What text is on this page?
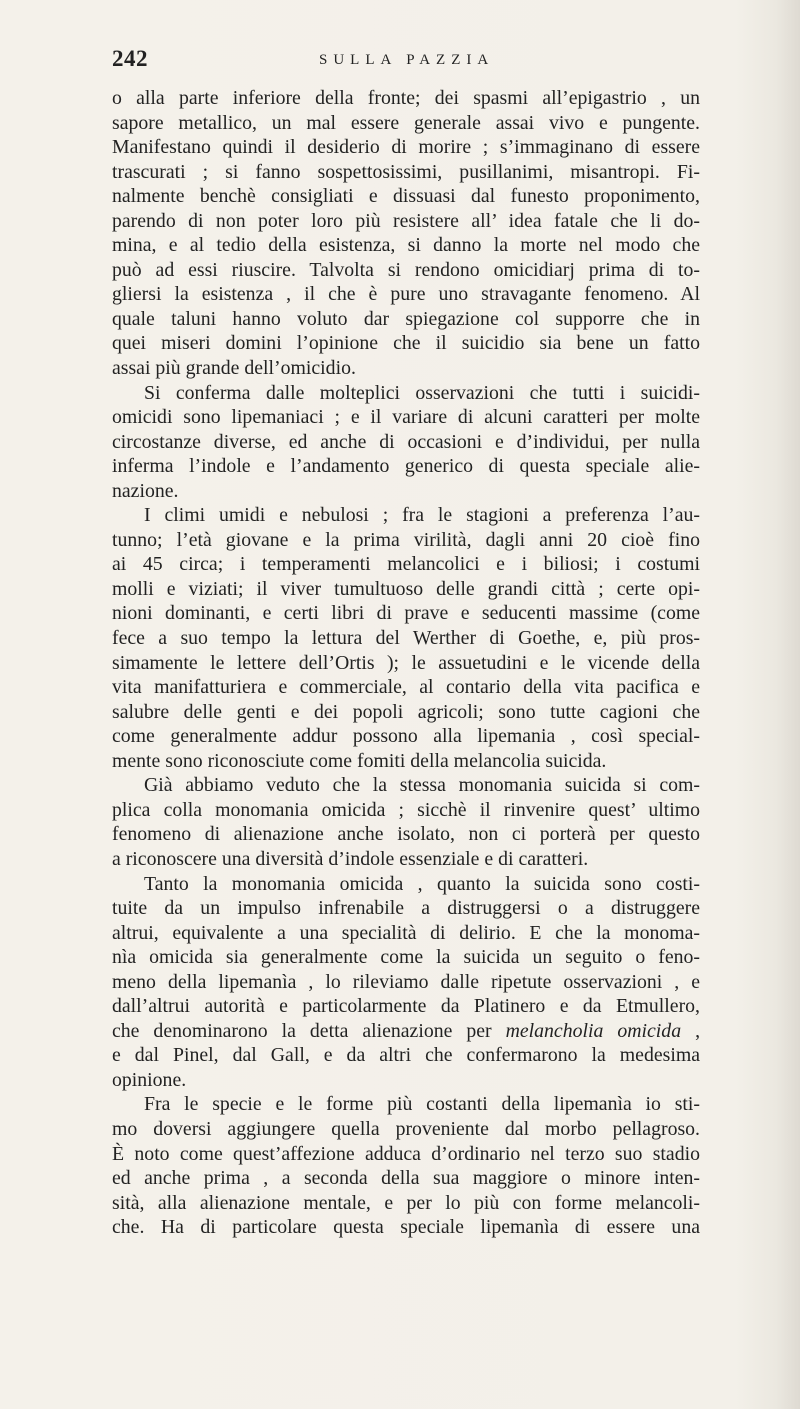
242	SULLA PAZZIA
o alla parte inferiore della fronte; dei spasmi all’epigastrio , un
sapore metallico, un mal essere generale assai vivo e pungente.
Manifestano quindi il desiderio di morire ; s’immaginano di essere
trascurati ; si fanno sospettosissimi, pusillanimi, misantropi. Fi-
nalmente benchè consigliati e dissuasi dal funesto proponimento,
parendo di non poter loro più resistere all’ idea fatale che li do-
mina, e al tedio della esistenza, si danno la morte nel modo che
può ad essi riuscire. Talvolta si rendono omicidiarj prima di to-
gliersi la esistenza , il che è pure uno stravagante fenomeno. Al
quale taluni hanno voluto dar spiegazione col supporre che in
quei miseri domini l’opinione che il suicidio sia bene un fatto
assai più grande dell’omicidio.
Si conferma dalle molteplici osservazioni che tutti i suicidi-
omicidi sono lipemaniaci ; e il variare di alcuni caratteri per molte
circostanze diverse, ed anche di occasioni e d’individui, per nulla
inferma l’indole e l’andamento generico di questa speciale alie-
nazione.
I climi umidi e nebulosi ; fra le stagioni a preferenza l’au-
tunno; l’età giovane e la prima virilità, dagli anni 20 cioè fino
ai 45 circa; i temperamenti melancolici e i biliosi; i costumi
molli e viziati; il viver tumultuoso delle grandi città ; certe opi-
nioni dominanti, e certi libri di prave e seducenti massime (come
fece a suo tempo la lettura del Werther di Goethe, e, più pros-
simamente le lettere dell’Ortis ); le assuetudini e le vicende della
vita manifatturiera e commerciale, al contario della vita pacifica e
salubre delle genti e dei popoli agricoli; sono tutte cagioni che
come generalmente addur possono alla lipemania , così special-
mente sono riconosciute come fomiti della melancolia suicida.
Già abbiamo veduto che la stessa monomania suicida si com-
plica colla monomania omicida ; sicchè il rinvenire quest’ ultimo
fenomeno di alienazione anche isolato, non ci porterà per questo
a riconoscere una diversità d’indole essenziale e di caratteri.
Tanto la monomania omicida , quanto la suicida sono costi-
tuite da un impulso infrenabile a distruggersi o a distruggere
altrui, equivalente a una specialità di delirio. E che la monoma-
nìa omicida sia generalmente come la suicida un seguito o feno-
meno della lipemanìa , lo rileviamo dalle ripetute osservazioni , e
dall’altrui autorità e particolarmente da Platinero e da Etmullero,
che denominarono la detta alienazione per melancholia omicida ,
e dal Pinel, dal Gall, e da altri che confermarono la medesima
opinione.
Fra le specie e le forme più costanti della lipemanìa io sti-
mo doversi aggiungere quella proveniente dal morbo pellagroso.
È noto come quest’affezione adduca d’ordinario nel terzo suo stadio
ed anche prima , a seconda della sua maggiore o minore inten-
sità, alla alienazione mentale, e per lo più con forme melancoli-
che. Ha di particolare questa speciale lipemanìa di essere una
